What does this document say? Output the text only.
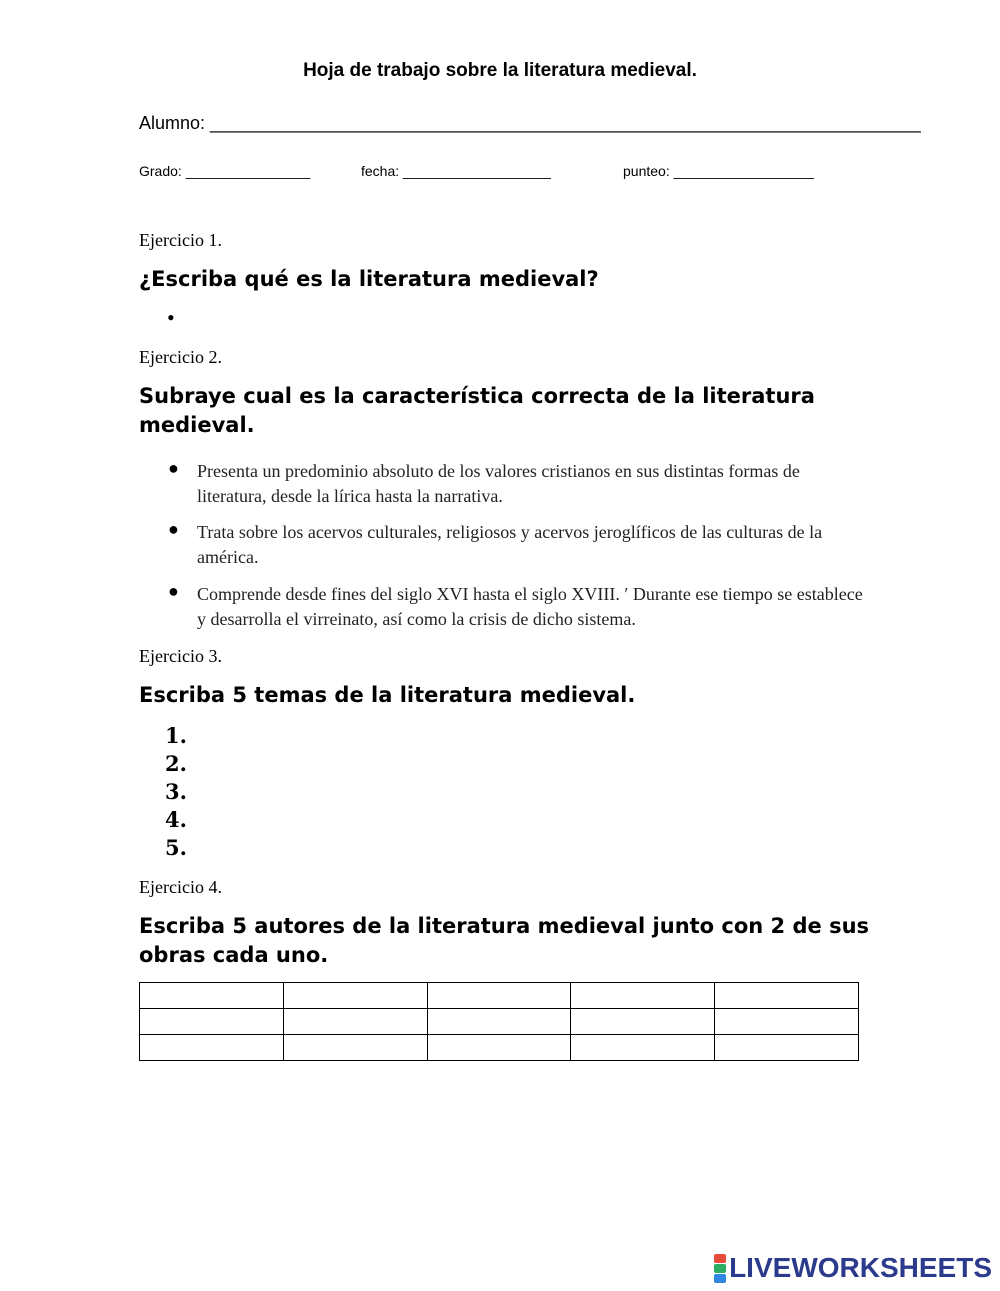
Hoja de trabajo sobre la literatura medieval.
Alumno: _______________________________________________________________________
Grado: ________________	fecha: ___________________	punteo: __________________
Ejercicio 1.
¿Escriba qué es la literatura medieval?
•
Ejercicio 2.
Subraye cual es la característica correcta de la literatura medieval.
● Presenta un predominio absoluto de los valores cristianos en sus distintas formas de literatura, desde la lírica hasta la narrativa.
● Trata sobre los acervos culturales, religiosos y acervos jeroglíficos de las culturas de la américa.
● Comprende desde fines del siglo XVI hasta el siglo XVIII. ′ Durante ese tiempo se establece y desarrolla el virreinato, así como la crisis de dicho sistema.
Ejercicio 3.
Escriba 5 temas de la literatura medieval.
1.
2.
3.
4.
5.
Ejercicio 4.
Escriba 5 autores de la literatura medieval junto con 2 de sus obras cada uno.

LIVEWORKSHEETS
